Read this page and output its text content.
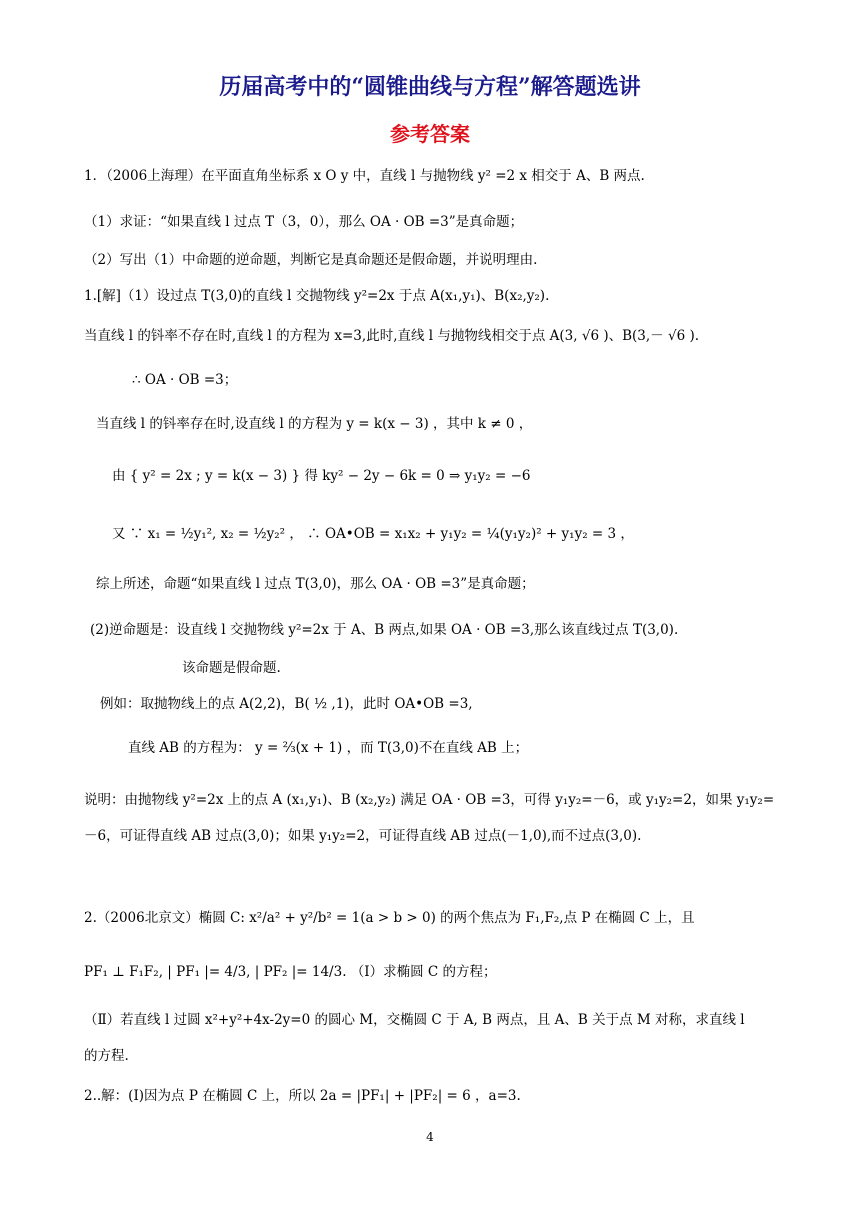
历届高考中的“圆锥曲线与方程”解答题选讲
参考答案
1．（2006上海理）在平面直角坐标系 x O y 中，直线 l 与抛物线 y² =2 x 相交于 A、B 两点.
（1）求证：“如果直线 l 过点 T（3，0），那么 OA · OB =3”是真命题；
（2）写出（1）中命题的逆命题，判断它是真命题还是假命题，并说明理由.
1.[解]（1）设过点 T(3,0)的直线 l 交抛物线 y²=2x 于点 A(x₁,y₁)、B(x₂,y₂).
当直线 l 的钭率不存在时,直线 l 的方程为 x=3,此时,直线 l 与抛物线相交于点 A(3, √6 )、B(3,－ √6 ).
∴ OA · OB =3；
当直线 l 的钭率存在时,设直线 l 的方程为 y = k(x − 3) ，其中 k ≠ 0 ，
由 { y² = 2x ; y = k(x − 3) } 得 ky² − 2y − 6k = 0 ⇒ y₁y₂ = −6
又 ∵ x₁ = ½y₁², x₂ = ½y₂² ， ∴ OA•OB = x₁x₂ + y₁y₂ = ¼(y₁y₂)² + y₁y₂ = 3 ，
综上所述，命题“如果直线 l 过点 T(3,0)，那么 OA · OB =3”是真命题；
(2)逆命题是：设直线 l 交抛物线 y²=2x 于 A、B 两点,如果 OA · OB =3,那么该直线过点 T(3,0).
该命题是假命题.
例如：取抛物线上的点 A(2,2)，B( ½ ,1)，此时 OA•OB =3,
直线 AB 的方程为： y = ⅔(x + 1) ，而 T(3,0)不在直线 AB 上；
说明：由抛物线 y²=2x 上的点 A (x₁,y₁)、B (x₂,y₂) 满足 OA · OB =3，可得 y₁y₂=－6，或 y₁y₂=2，如果 y₁y₂=
－6，可证得直线 AB 过点(3,0)；如果 y₁y₂=2，可证得直线 AB 过点(－1,0),而不过点(3,0).
2.（2006北京文）椭圆 C: x²/a² + y²/b² = 1(a > b > 0) 的两个焦点为 F₁,F₂,点 P 在椭圆 C 上，且
PF₁ ⊥ F₁F₂, | PF₁ |= 4/3, | PF₂ |= 14/3. （Ⅰ）求椭圆 C 的方程；
（Ⅱ）若直线 l 过圆 x²+y²+4x-2y=0 的圆心 M，交椭圆 C 于 A, B 两点，且 A、B 关于点 M 对称，求直线 l
的方程.
2..解：(Ⅰ)因为点 P 在椭圆 C 上，所以 2a = |PF₁| + |PF₂| = 6 ，a=3.
4
